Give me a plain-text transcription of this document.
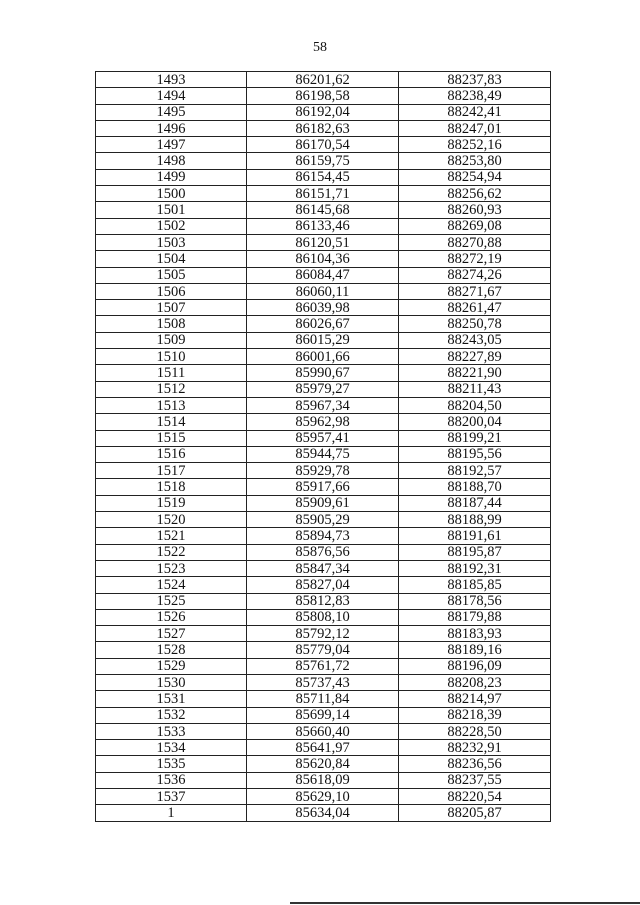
58
1493	86201,62	88237,83
1494	86198,58	88238,49
1495	86192,04	88242,41
1496	86182,63	88247,01
1497	86170,54	88252,16
1498	86159,75	88253,80
1499	86154,45	88254,94
1500	86151,71	88256,62
1501	86145,68	88260,93
1502	86133,46	88269,08
1503	86120,51	88270,88
1504	86104,36	88272,19
1505	86084,47	88274,26
1506	86060,11	88271,67
1507	86039,98	88261,47
1508	86026,67	88250,78
1509	86015,29	88243,05
1510	86001,66	88227,89
1511	85990,67	88221,90
1512	85979,27	88211,43
1513	85967,34	88204,50
1514	85962,98	88200,04
1515	85957,41	88199,21
1516	85944,75	88195,56
1517	85929,78	88192,57
1518	85917,66	88188,70
1519	85909,61	88187,44
1520	85905,29	88188,99
1521	85894,73	88191,61
1522	85876,56	88195,87
1523	85847,34	88192,31
1524	85827,04	88185,85
1525	85812,83	88178,56
1526	85808,10	88179,88
1527	85792,12	88183,93
1528	85779,04	88189,16
1529	85761,72	88196,09
1530	85737,43	88208,23
1531	85711,84	88214,97
1532	85699,14	88218,39
1533	85660,40	88228,50
1534	85641,97	88232,91
1535	85620,84	88236,56
1536	85618,09	88237,55
1537	85629,10	88220,54
1	85634,04	88205,87
